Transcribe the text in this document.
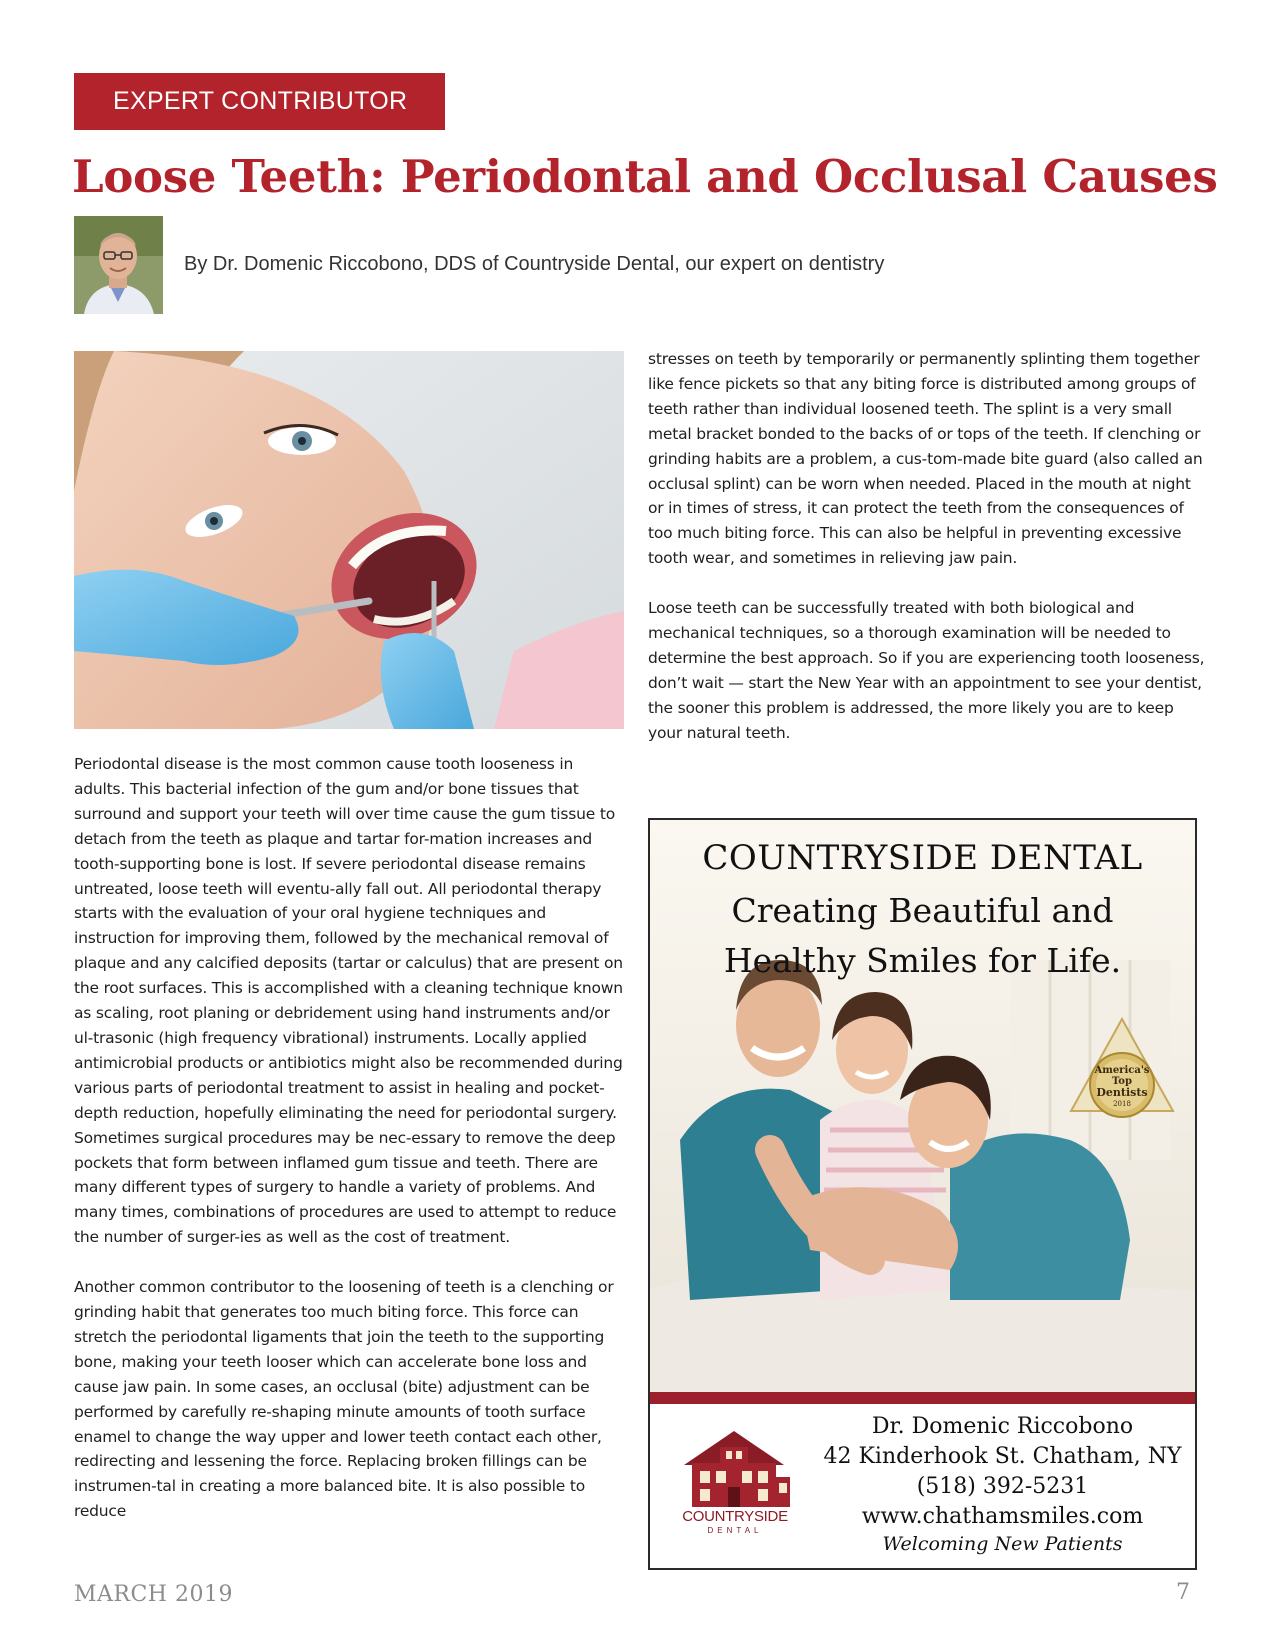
EXPERT CONTRIBUTOR
Loose Teeth: Periodontal and Occlusal Causes
By Dr. Domenic Riccobono, DDS of Countryside Dental, our expert on dentistry

Periodontal disease is the most common cause tooth looseness in adults. This bacterial infection of the gum and/or bone tissues that surround and support your teeth will over time cause the gum tissue to detach from the teeth as plaque and tartar for-mation increases and tooth-supporting bone is lost. If severe periodontal disease remains untreated, loose teeth will eventu-ally fall out. All periodontal therapy starts with the evaluation of your oral hygiene techniques and instruction for improving them, followed by the mechanical removal of plaque and any calcified deposits (tartar or calculus) that are present on the root surfaces. This is accomplished with a cleaning technique known as scaling, root planing or debridement using hand instruments and/or ul-trasonic (high frequency vibrational) instruments. Locally applied antimicrobial products or antibiotics might also be recommended during various parts of periodontal treatment to assist in healing and pocket-depth reduction, hopefully eliminating the need for periodontal surgery. Sometimes surgical procedures may be nec-essary to remove the deep pockets that form between inflamed gum tissue and teeth. There are many different types of surgery to handle a variety of problems. And many times, combinations of procedures are used to attempt to reduce the number of surger-ies as well as the cost of treatment.

Another common contributor to the loosening of teeth is a clenching or grinding habit that generates too much biting force. This force can stretch the periodontal ligaments that join the teeth to the supporting bone, making your teeth looser which can accelerate bone loss and cause jaw pain. In some cases, an occlusal (bite) adjustment can be performed by carefully re-shaping minute amounts of tooth surface enamel to change the way upper and lower teeth contact each other, redirecting and lessening the force. Replacing broken fillings can be instrumen-tal in creating a more balanced bite. It is also possible to reduce

stresses on teeth by temporarily or permanently splinting them together like fence pickets so that any biting force is distributed among groups of teeth rather than individual loosened teeth. The splint is a very small metal bracket bonded to the backs of or tops of the teeth. If clenching or grinding habits are a problem, a cus-tom-made bite guard (also called an occlusal splint) can be worn when needed. Placed in the mouth at night or in times of stress, it can protect the teeth from the consequences of too much biting force. This can also be helpful in preventing excessive tooth wear, and sometimes in relieving jaw pain.

Loose teeth can be successfully treated with both biological and mechanical techniques, so a thorough examination will be needed to determine the best approach. So if you are experiencing tooth looseness, don’t wait — start the New Year with an appointment to see your dentist, the sooner this problem is addressed, the more likely you are to keep your natural teeth.

America's
Top
Dentists
2018
COUNTRYSIDE DENTAL
Creating Beautiful and
Healthy Smiles for Life.
COUNTRYSIDE
DENTAL
Dr. Domenic Riccobono
42 Kinderhook St. Chatham, NY
(518) 392-5231
www.chathamsmiles.com
Welcoming New Patients
MARCH 2019	7
